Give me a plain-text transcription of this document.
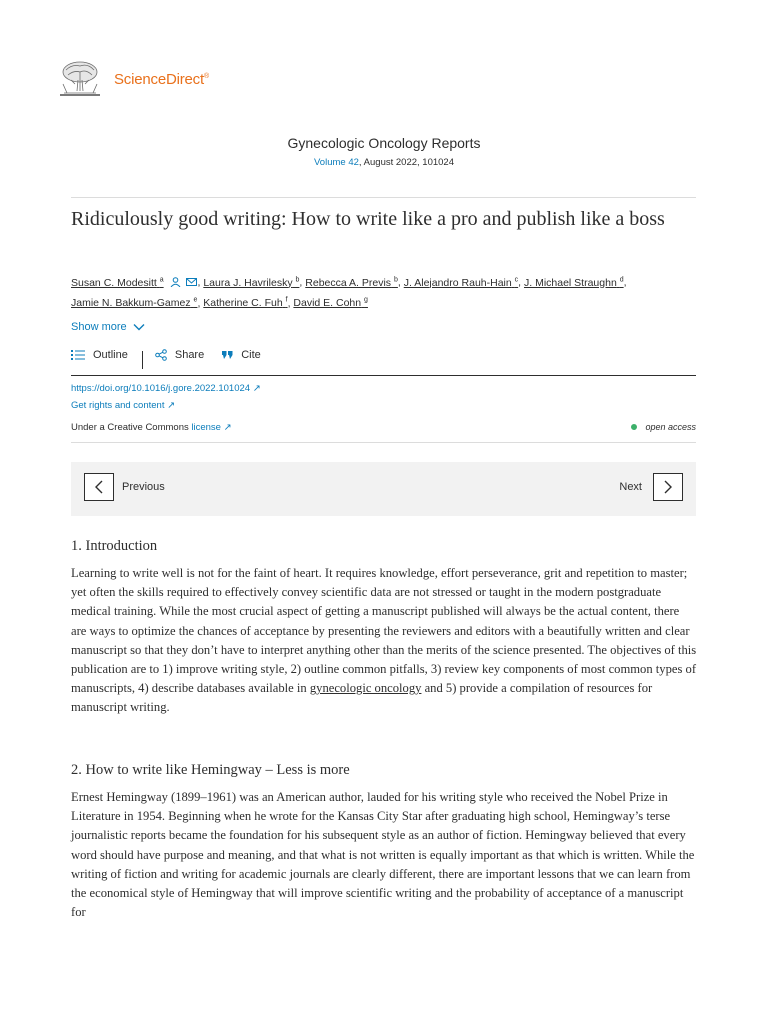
ScienceDirect®
Gynecologic Oncology Reports
Volume 42, August 2022, 101024
Ridiculously good writing: How to write like a pro and publish like a boss
Susan C. Modesitt $^a$	, Laura J. Havrilesky $^b$, Rebecca A. Previs $^b$, J. Alejandro Rauh-Hain $^c$, J. Michael Straughn $^d$,
Jamie N. Bakkum-Gamez $^e$, Katherine C. Fuh $^f$, David E. Cohn $^g$
Show more
Outline	Share	Cite
https://doi.org/10.1016/j.gore.2022.101024 ↗
Get rights and content ↗
Under a Creative Commons license ↗	open access
Previous	Next
1. Introduction

Learning to write well is not for the faint of heart. It requires knowledge, effort perseverance, grit and repetition to master; yet often the skills required to effectively convey scientific data are not stressed or taught in the modern postgraduate medical training. While the most crucial aspect of getting a manuscript published will always be the actual content, there are ways to optimize the chances of acceptance by presenting the reviewers and editors with a beautifully written and clear manuscript so that they don’t have to interpret anything other than the merits of the science presented. The objectives of this publication are to 1) improve writing style, 2) outline common pitfalls, 3) review key components of most common types of manuscripts, 4) describe databases available in gynecologic oncology and 5) provide a compilation of resources for manuscript writing.

2. How to write like Hemingway – Less is more

Ernest Hemingway (1899–1961) was an American author, lauded for his writing style who received the Nobel Prize in Literature in 1954. Beginning when he wrote for the Kansas City Star after graduating high school, Hemingway’s terse journalistic reports became the foundation for his subsequent style as an author of fiction. Hemingway believed that every word should have purpose and meaning, and that what is not written is equally important as that which is written. While the writing of fiction and writing for academic journals are clearly different, there are important lessons that we can learn from the economical style of Hemingway that will improve scientific writing and the probability of acceptance of a manuscript for
